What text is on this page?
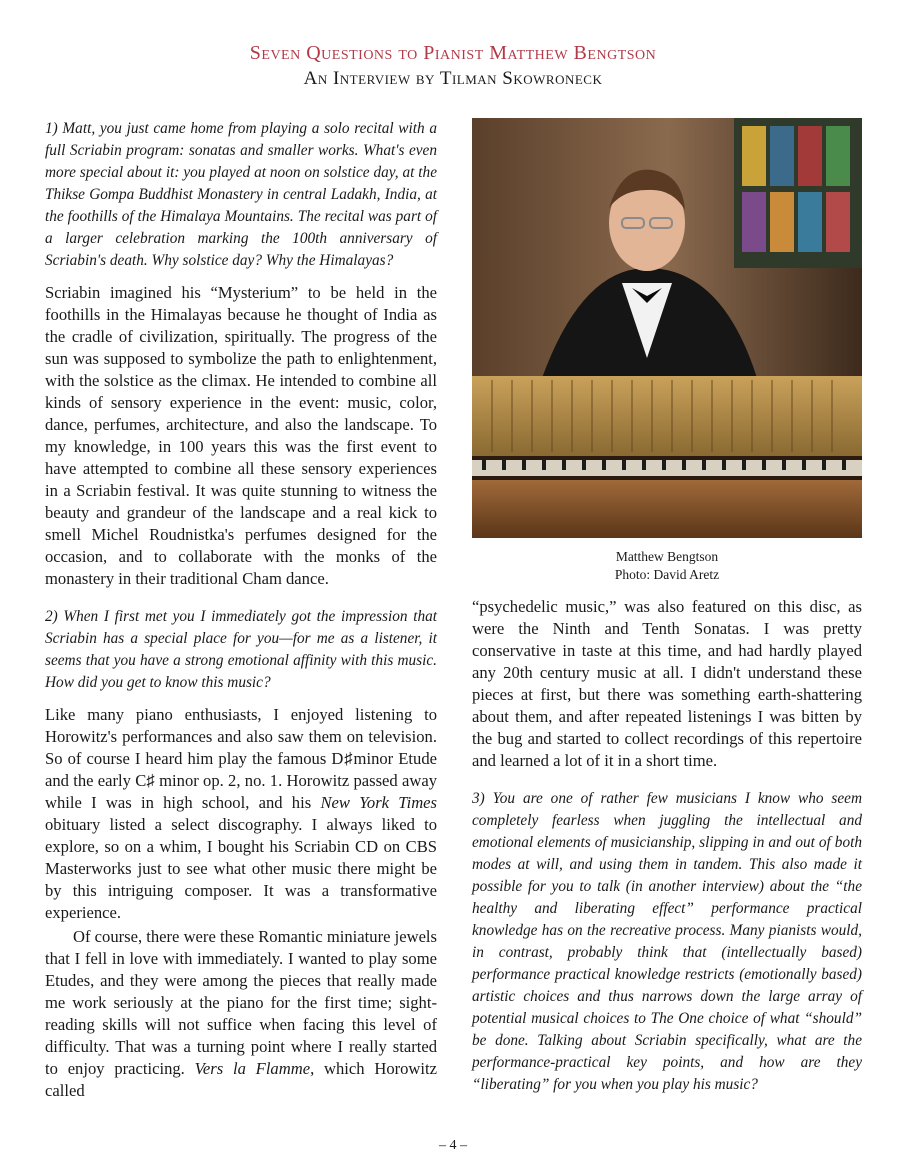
Seven Questions to Pianist Matthew Bengtson
An Interview by Tilman Skowroneck

1) Matt, you just came home from playing a solo recital with a full Scriabin program: sonatas and smaller works. What's even more special about it: you played at noon on solstice day, at the Thikse Gompa Buddhist Monastery in central Ladakh, India, at the foothills of the Himalaya Mountains. The recital was part of a larger celebration marking the 100th anniversary of Scriabin's death. Why solstice day? Why the Himalayas?

Scriabin imagined his “Mysterium” to be held in the foothills in the Himalayas because he thought of India as the cradle of civilization, spiritually. The progress of the sun was supposed to symbolize the path to enlightenment, with the solstice as the climax. He intended to combine all kinds of sensory experience in the event: music, color, dance, perfumes, architecture, and also the landscape. To my knowledge, in 100 years this was the first event to have attempted to combine all these sensory experiences in a Scriabin festival. It was quite stunning to witness the beauty and grandeur of the landscape and a real kick to smell Michel Roudnistka's perfumes designed for the occasion, and to collaborate with the monks of the monastery in their traditional Cham dance.

2) When I first met you I immediately got the impression that Scriabin has a special place for you—for me as a listener, it seems that you have a strong emotional affinity with this music. How did you get to know this music?

Like many piano enthusiasts, I enjoyed listening to Horowitz's performances and also saw them on television. So of course I heard him play the famous D♯minor Etude and the early C♯ minor op. 2, no. 1. Horowitz passed away while I was in high school, and his New York Times obituary listed a select discography. I always liked to explore, so on a whim, I bought his Scriabin CD on CBS Masterworks just to see what other music there might be by this intriguing composer. It was a transformative experience.

Of course, there were these Romantic miniature jewels that I fell in love with immediately. I wanted to play some Etudes, and they were among the pieces that really made me work seriously at the piano for the first time; sight-reading skills will not suffice when facing this level of difficulty. That was a turning point where I really started to enjoy practicing. Vers la Flamme, which Horowitz called

Matthew Bengtson
Photo: David Aretz

“psychedelic music,” was also featured on this disc, as were the Ninth and Tenth Sonatas. I was pretty conservative in taste at this time, and had hardly played any 20th century music at all. I didn't understand these pieces at first, but there was something earth-shattering about them, and after repeated listenings I was bitten by the bug and started to collect recordings of this repertoire and learned a lot of it in a short time.

3) You are one of rather few musicians I know who seem completely fearless when juggling the intellectual and emotional elements of musicianship, slipping in and out of both modes at will, and using them in tandem. This also made it possible for you to talk (in another interview) about the “the healthy and liberating effect” performance practical knowledge has on the recreative process. Many pianists would, in contrast, probably think that (intellectually based) performance practical knowledge restricts (emotionally based) artistic choices and thus narrows down the large array of potential musical choices to The One choice of what “should” be done. Talking about Scriabin specifically, what are the performance-practical key points, and how are they “liberating” for you when you play his music?

– 4 –
